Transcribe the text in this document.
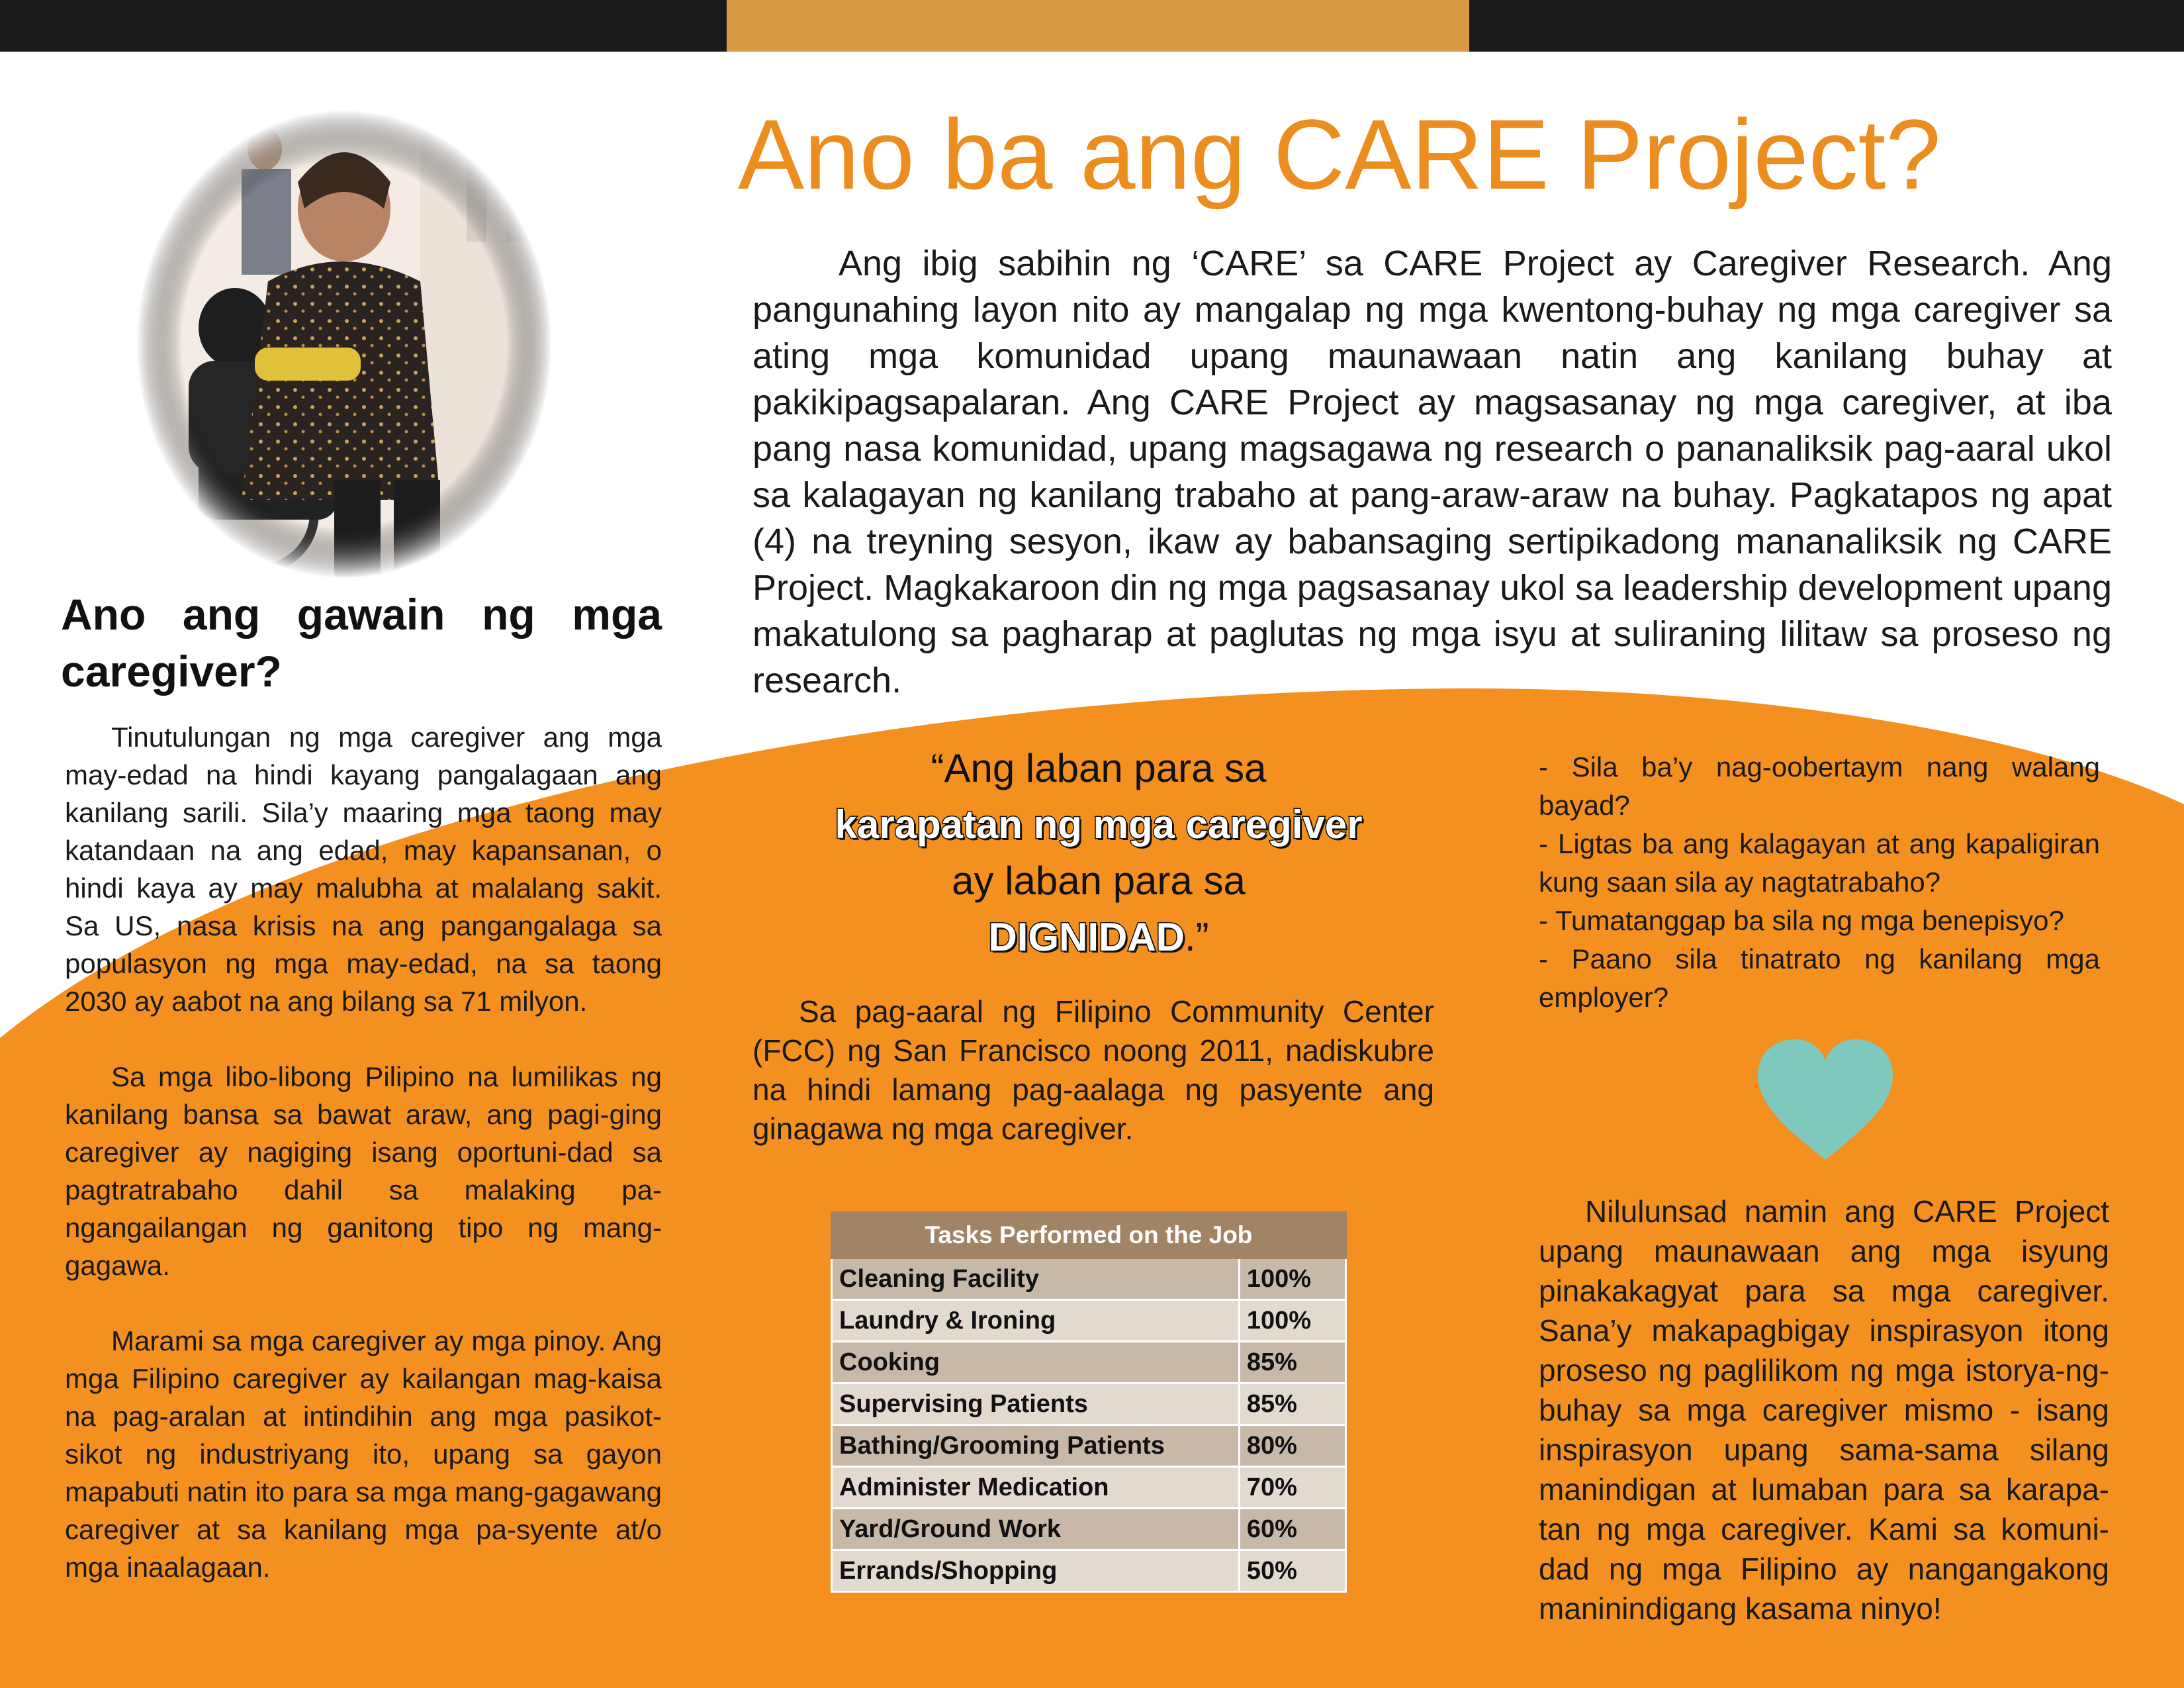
Ano ba ang CARE Project?

Ang ibig sabihin ng ‘CARE’ sa CARE Project ay Caregiver Research. Ang pangunahing layon nito ay mangalap ng mga kwentong-buhay ng mga caregiver sa ating mga komunidad upang maunawaan natin ang kanilang buhay at pakikipagsapalaran. Ang CARE Project ay magsasanay ng mga caregiver, at iba pang nasa komunidad, upang magsagawa ng research o pananaliksik pag-aaral ukol sa kalagayan ng kanilang trabaho at pang-araw-araw na buhay. Pagkatapos ng apat (4) na treyning sesyon, ikaw ay babansaging sertipikadong mananaliksik ng CARE Project. Magkakaroon din ng mga pagsasanay ukol sa leadership development upang makatulong sa pagharap at paglutas ng mga isyu at suliraning lilitaw sa proseso ng research.

Ano ang gawain ng mga caregiver?

Tinutulungan ng mga caregiver ang mga may-edad na hindi kayang pangalagaan ang kanilang sarili. Sila’y maaring mga taong may katandaan na ang edad, may kapansanan, o hindi kaya ay may malubha at malalang sakit. Sa US, nasa krisis na ang pangangalaga sa populasyon ng mga may-edad, na sa taong 2030 ay aabot na ang bilang sa 71 milyon.

Sa mga libo-libong Pilipino na lumilikas ng kanilang bansa sa bawat araw, ang pagi-ging caregiver ay nagiging isang oportuni-dad sa pagtratrabaho dahil sa malaking pa-ngangailangan ng ganitong tipo ng mang-gagawa.

Marami sa mga caregiver ay mga pinoy. Ang mga Filipino caregiver ay kailangan mag-kaisa na pag-aralan at intindihin ang mga pasikot-sikot ng industriyang ito, upang sa gayon mapabuti natin ito para sa mga mang-gagawang caregiver at sa kanilang mga pa-syente at/o mga inaalagaan.

“Ang laban para sa
karapatan ng mga caregiver
ay laban para sa
DIGNIDAD.”

Sa pag-aaral ng Filipino Community Center (FCC) ng San Francisco noong 2011, nadiskubre na hindi lamang pag-aalaga ng pasyente ang ginagawa ng mga caregiver.

Tasks Performed on the Job	
Cleaning Facility	100%
Laundry & Ironing	100%
Cooking	85%
Supervising Patients	85%
Bathing/Grooming Patients	80%
Administer Medication	70%
Yard/Ground Work	60%
Errands/Shopping	50%

- Sila ba’y nag-oobertaym nang walang bayad?

- Ligtas ba ang kalagayan at ang kapaligiran kung saan sila ay nagtatrabaho?

- Tumatanggap ba sila ng mga benepisyo?

- Paano sila tinatrato ng kanilang mga employer?

Nilulunsad namin ang CARE Project upang maunawaan ang mga isyung pinakakagyat para sa mga caregiver. Sana’y makapagbigay inspirasyon itong proseso ng paglilikom ng mga istorya-ng-buhay sa mga caregiver mismo - isang inspirasyon upang sama-sama silang manindigan at lumaban para sa karapa-tan ng mga caregiver. Kami sa komuni-dad ng mga Filipino ay nangangakong maninindigang kasama ninyo!
